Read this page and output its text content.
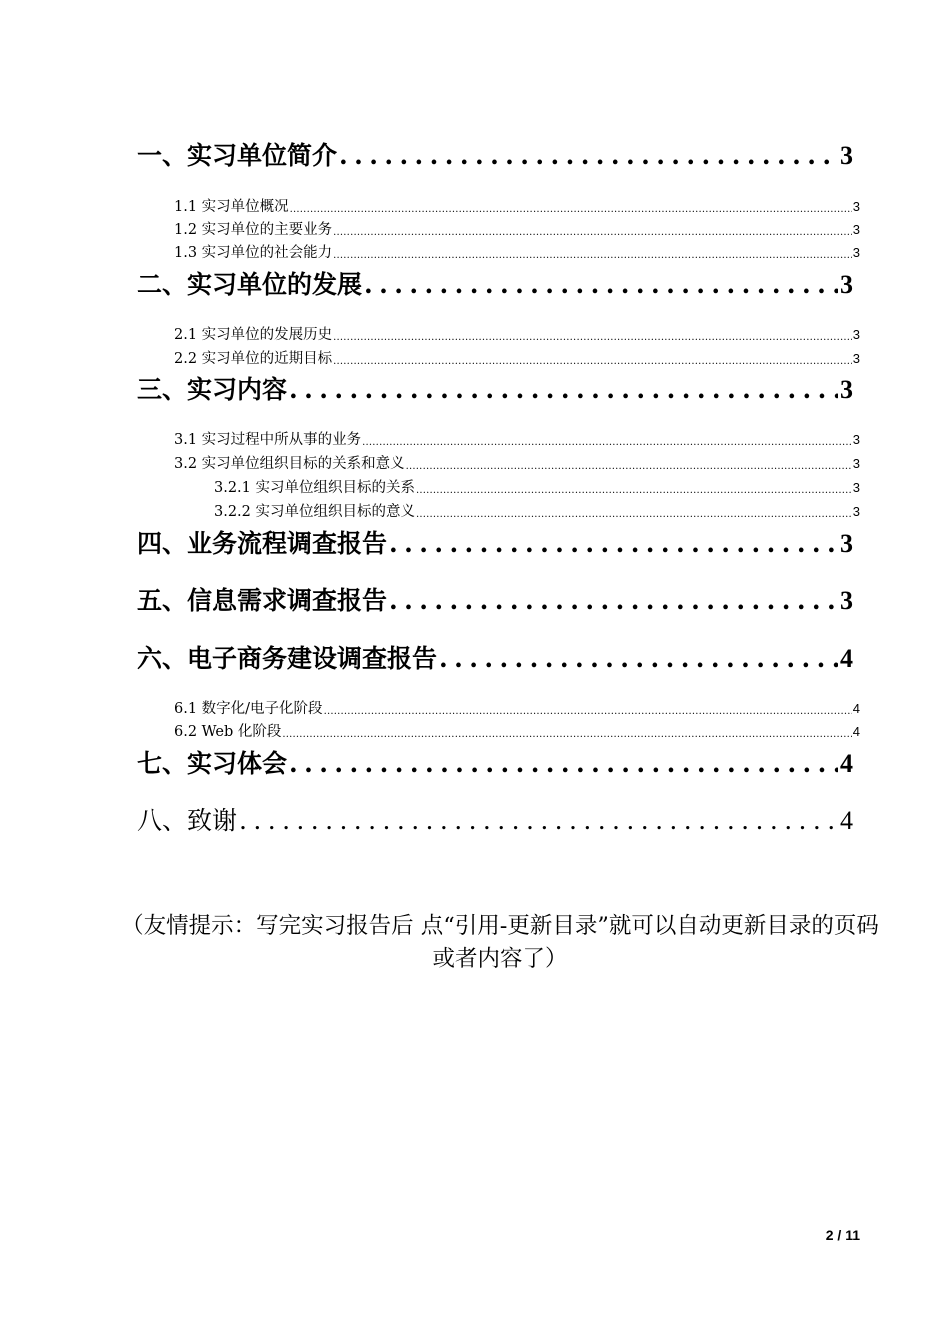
一、 实习单位简介 .....	3
1.1 实习单位概况 .....	3
1.2 实习单位的主要业务 .....	3
1.3 实习单位的社会能力 .....	3
二、 实习单位的发展 .....	3
2.1 实习单位的发展历史 .....	3
2.2 实习单位的近期目标 .....	3
三、 实习内容 .....	3
3.1 实习过程中所从事的业务 .....	3
3.2 实习单位组织目标的关系和意义 .....	3
3.2.1 实习单位组织目标的关系 .....	3
3.2.2 实习单位组织目标的意义 .....	3
四、 业务流程调查报告 .....	3
五、 信息需求调查报告 .....	3
六、 电子商务建设调查报告 .....	4
6.1 数字化/电子化阶段 .....	4
6.2 Web 化阶段 .....	4
七、 实习体会 .....	4
八、 致谢 .....	4
（友情提示：写完实习报告后 点“引用-更新目录”就可以自动更新目录的页码或者内容了）
2 / 11
